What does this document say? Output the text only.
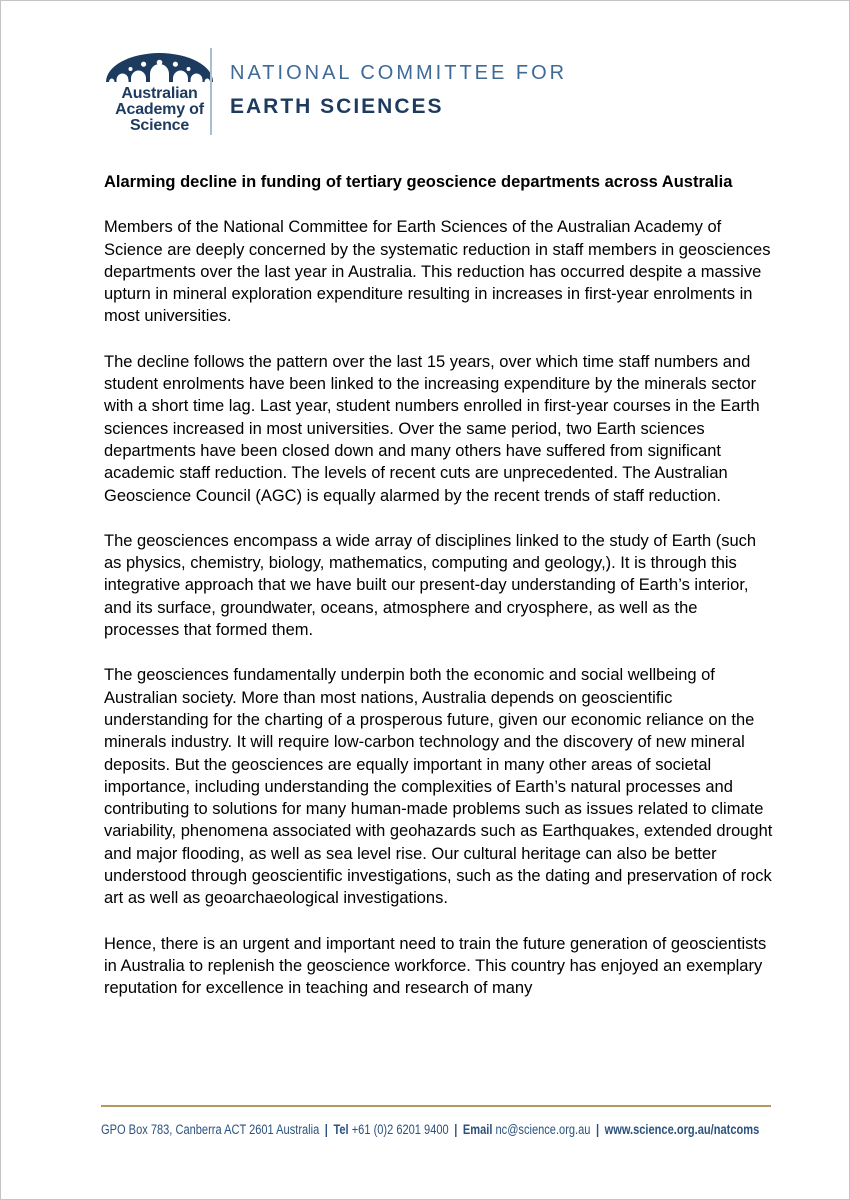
Australian
Academy of
Science
NATIONAL COMMITTEE FOR
EARTH SCIENCES
Alarming decline in funding of tertiary geoscience departments across Australia

Members of the National Committee for Earth Sciences of the Australian Academy of Science are deeply concerned by the systematic reduction in staff members in geosciences departments over the last year in Australia. This reduction has occurred despite a massive upturn in mineral exploration expenditure resulting in increases in first-year enrolments in most universities.

The decline follows the pattern over the last 15 years, over which time staff numbers and student enrolments have been linked to the increasing expenditure by the minerals sector with a short time lag. Last year, student numbers enrolled in first-year courses in the Earth sciences increased in most universities. Over the same period, two Earth sciences departments have been closed down and many others have suffered from significant academic staff reduction. The levels of recent cuts are unprecedented. The Australian Geoscience Council (AGC) is equally alarmed by the recent trends of staff reduction.

The geosciences encompass a wide array of disciplines linked to the study of Earth (such as physics, chemistry, biology, mathematics, computing and geology,). It is through this integrative approach that we have built our present-day understanding of Earth’s interior, and its surface, groundwater, oceans, atmosphere and cryosphere, as well as the processes that formed them.

The geosciences fundamentally underpin both the economic and social wellbeing of Australian society. More than most nations, Australia depends on geoscientific understanding for the charting of a prosperous future, given our economic reliance on the minerals industry. It will require low-carbon technology and the discovery of new mineral deposits. But the geosciences are equally important in many other areas of societal importance, including understanding the complexities of Earth’s natural processes and contributing to solutions for many human-made problems such as issues related to climate variability, phenomena associated with geohazards such as Earthquakes, extended drought and major flooding, as well as sea level rise. Our cultural heritage can also be better understood through geoscientific investigations, such as the dating and preservation of rock art as well as geoarchaeological investigations.

Hence, there is an urgent and important need to train the future generation of geoscientists in Australia to replenish the geoscience workforce. This country has enjoyed an exemplary reputation for excellence in teaching and research of many

GPO Box 783, Canberra ACT 2601 Australia | Tel +61 (0)2 6201 9400 | Email nc@science.org.au | www.science.org.au/natcoms
